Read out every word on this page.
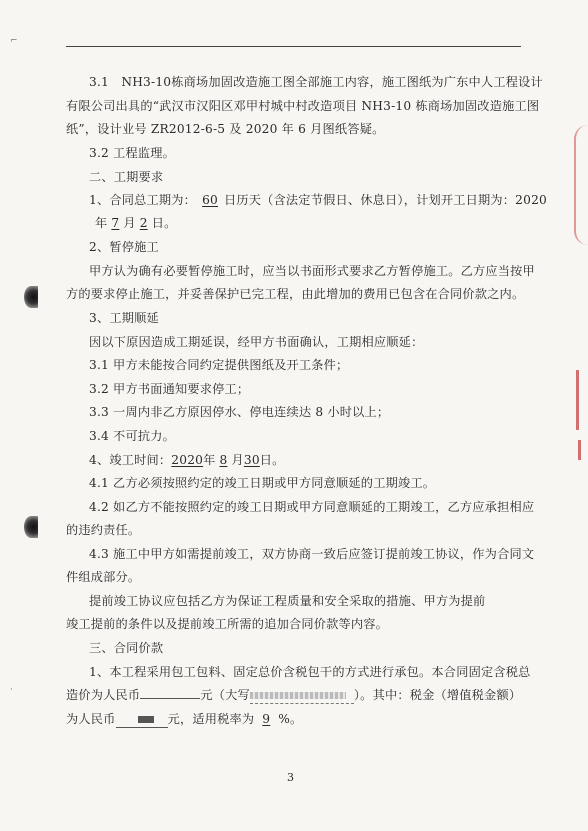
3.1　NH3-10栋商场加固改造施工图全部施工内容，施工图纸为广东中人工程设计
有限公司出具的“武汉市汉阳区邓甲村城中村改造项目 NH3-10 栋商场加固改造施工图
纸”，设计业号 ZR2012-6-5 及 2020 年 6 月图纸答疑。
3.2 工程监理。
二、工期要求
1、合同总工期为： 60 日历天（含法定节假日、休息日），计划开工日期为：2020
年 7 月 2 日。
2、暂停施工
甲方认为确有必要暂停施工时，应当以书面形式要求乙方暂停施工。乙方应当按甲
方的要求停止施工，并妥善保护已完工程，由此增加的费用已包含在合同价款之内。
3、工期顺延
因以下原因造成工期延误，经甲方书面确认，工期相应顺延：
3.1 甲方未能按合同约定提供图纸及开工条件；
3.2 甲方书面通知要求停工；
3.3 一周内非乙方原因停水、停电连续达 8 小时以上；
3.4 不可抗力。
4、竣工时间：2020年 8 月30日。
4.1 乙方必须按照约定的竣工日期或甲方同意顺延的工期竣工。
4.2 如乙方不能按照约定的竣工日期或甲方同意顺延的工期竣工，乙方应承担相应
的违约责任。
4.3 施工中甲方如需提前竣工，双方协商一致后应签订提前竣工协议，作为合同文
件组成部分。
提前竣工协议应包括乙方为保证工程质量和安全采取的措施、甲方为提前
竣工提前的条件以及提前竣工所需的追加合同价款等内容。
三、合同价款
1、本工程采用包工包料、固定总价含税包干的方式进行承包。本合同固定含税总
造价为人民币	元（大写	）。其中：税金（增值税金额）
为人民币	元，适用税率为 9 %。
3
⌐
·
